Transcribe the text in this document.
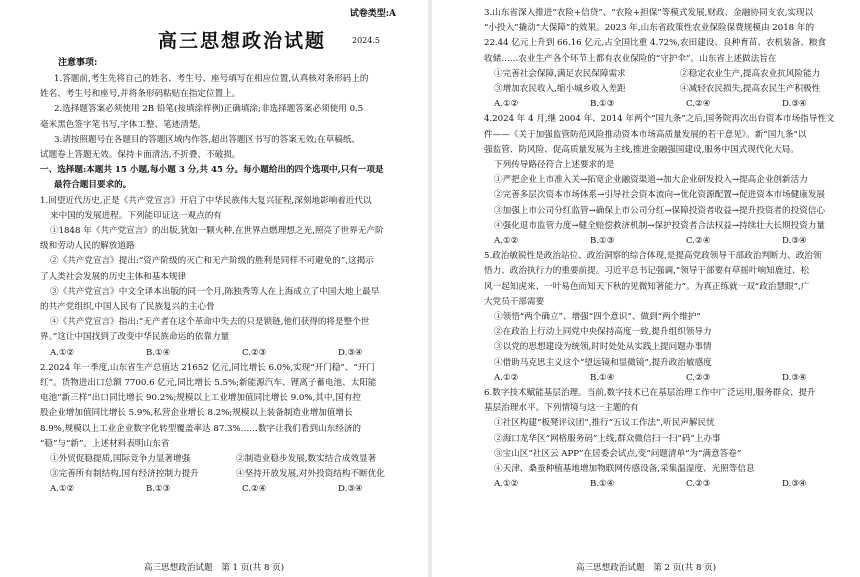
试卷类型:A
高三思想政治试题	2024.5
注意事项:
1.答题前,考生先将自己的姓名、考生号、座号填写在相应位置,认真核对条形码上的
姓名、考生号和座号,并将条形码粘贴在指定位置上。
2.选择题答案必须使用 2B 铅笔(按填涂样例)正确填涂;非选择题答案必须使用 0.5
毫米黑色签字笔书写,字体工整、笔迹清楚。
3.请按照题号在各题目的答题区域内作答,超出答题区书写的答案无效;在草稿纸、
试题卷上答题无效。保持卡面清洁,不折叠、不破损。
一、选择题:本题共 15 小题,每小题 3 分,共 45 分。每小题给出的四个选项中,只有一项是
最符合题目要求的。
1.回望近代历史,正是《共产党宣言》开启了中华民族伟大复兴征程,深刻地影响着近代以
来中国的发展进程。下列能印证这一观点的有
①1848 年《共产党宣言》的出版,犹如一颗火种,在世界点燃理想之光,照亮了世界无产阶
级和劳动人民的解放道路
②《共产党宣言》提出:“资产阶级的灭亡和无产阶级的胜利是同样不可避免的”,这揭示
了人类社会发展的历史主体和基本规律
③《共产党宣言》中文全译本出版的同一个月,陈独秀等人在上海成立了中国大地上最早
的共产党组织,中国人民有了民族复兴的主心骨
④《共产党宣言》指出:“无产者在这个革命中失去的只是锁链,他们获得的将是整个世
界。”这让中国找到了改变中华民族命运的依靠力量
A.①②	B.①④	C.②③	D.③④
2.2024 年一季度,山东省生产总值达 21652 亿元,同比增长 6.0%,实现“开门稳”、“开门
红”。货物进出口总额 7700.6 亿元,同比增长 5.5%;新能源汽车、锂离子蓄电池、太阳能
电池“新三样”出口同比增长 90.2%;规模以上工业增加值同比增长 9.0%,其中,国有控
股企业增加值同比增长 5.9%,私营企业增长 8.2%;规模以上装备制造业增加值增长
8.9%,规模以上工业企业数字化转型覆盖率达 87.3%……数字让我们看到山东经济的
“稳”与“新”。上述材料表明山东省
①外贸促稳提质,国际竞争力显著增强	②制造业稳步发展,数实结合成效显著
③完善所有制结构,国有经济控制力提升	④坚持开放发展,对外投资结构不断优化
A.①②	B.①③	C.②④	D.③④
高三思想政治试题　第 1 页(共 8 页)
3.山东省深入推进“农险+信贷”、“农险+担保”等模式发展,财政、金融协同支农,实现以
“小投入”撬动“大保障”的效果。2023 年,山东省政策性农业保险保费规模由 2018 年的
22.44 亿元上升到 66.16 亿元,占全国比重 4.72%,农田建设、良种育苗、农机装备、粮食
收储……农业生产各个环节上都有农业保险的“守护伞”。山东省上述做法旨在
①完善社会保障,满足农民保障需求	②稳定农业生产,提高农业抗风险能力
③增加农民收入,缩小城乡收入差距	④减轻农民损失,提高农民生产积极性
A.①②	B.①③	C.②④	D.③④
4.2024 年 4 月,继 2004 年、2014 年两个“国九条”之后,国务院再次出台资本市场指导性文
件——《关于加强监管防范风险推动资本市场高质量发展的若干意见》。新“国九条”以
强监管、防风险、促高质量发展为主线,推进金融强国建设,服务中国式现代化大局。
下列传导路径符合上述要求的是
①严把企业上市准入关→拓宽企业融资渠道→加大企业研发投入→提高企业创新活力
②完善多层次资本市场体系→引导社会资本流向→优化资源配置→促进资本市场健康发展
③加强上市公司分红监管→确保上市公司分红→保障投资者收益→提升投资者的投资信心
④强化退市监管力度→健全赔偿救济机制→保护投资者合法权益→持续壮大长期投资力量
A.①②	B.①③	C.②④	D.③④
5.政治敏锐性是政治站位、政治洞察的综合体现,是提高党政领导干部政治判断力、政治领
悟力、政治执行力的重要前提。习近平总书记强调,“领导干部要有草摇叶响知鹿过、松
风一起知虎来、一叶易色而知天下秋的见微知著能力”。为真正练就一双“政治慧眼”,广
大党员干部需要
①领悟“两个确立”、增强“四个意识”、做到“两个维护”
②在政治上行动上同党中央保持高度一致,提升组织领导力
③以党的思想建设为统领,时时处处从实践上提问题办事情
④借助马克思主义这个“望远镜和显微镜”,提升政治敏感度
A.①②	B.①④	C.②③	D.③④
6.数字技术赋能基层治理。当前,数字技术已在基层治理工作中广泛运用,服务群众、提升
基层治理水平。下列情境与这一主题的有
①社区构建“板凳评议团”,推行“五议工作法”,听民声解民忧
②海口龙华区“网格服务码”上线,群众微信扫一扫“码”上办事
③宝山区“社区云 APP”在居委会试点,变“问题清单”为“满意答卷”
④天津、桑蚕种植基地增加物联网传感设备,采集温湿度、光照等信息
A.①②	B.①④	C.②③	D.③④
高三思想政治试题　第 2 页(共 8 页)
